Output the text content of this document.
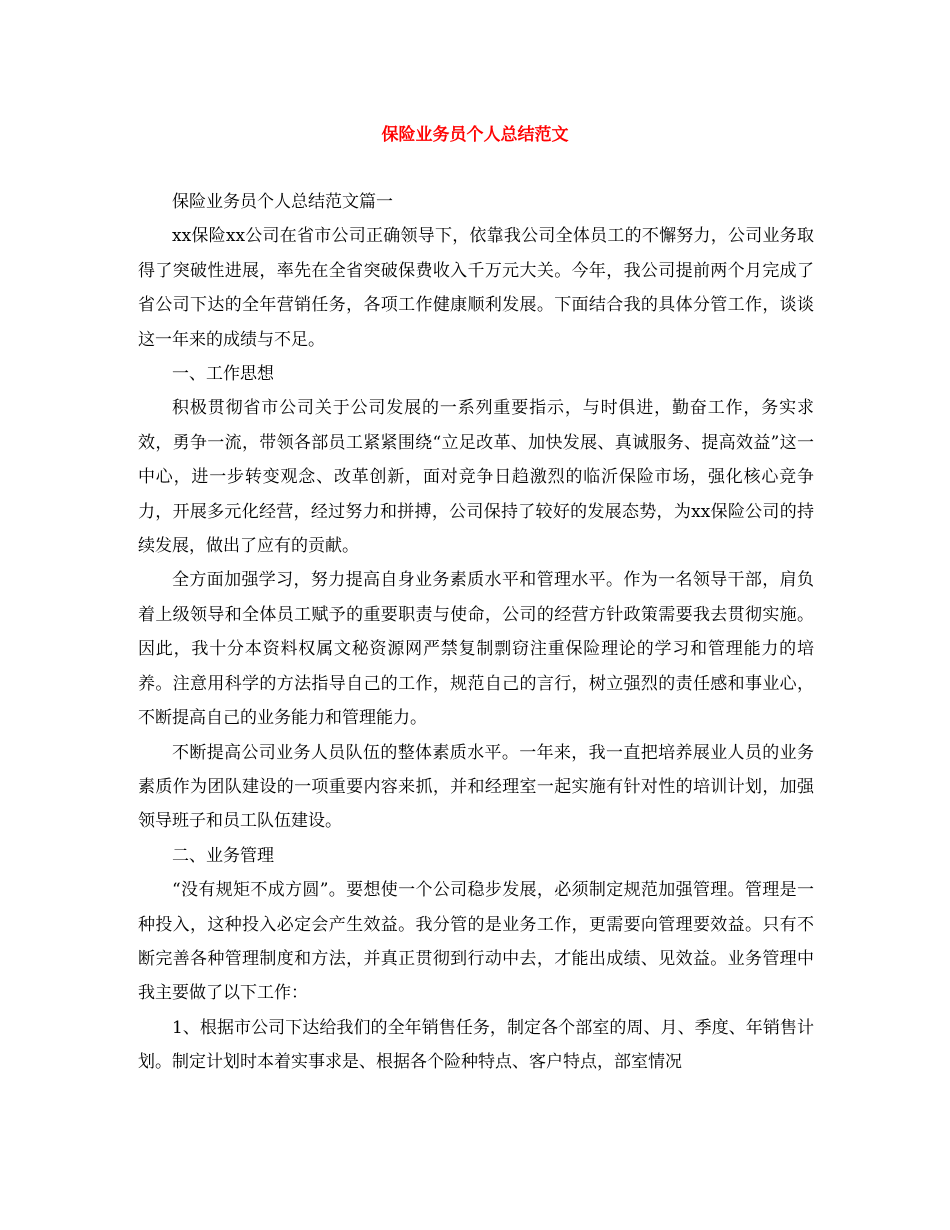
保险业务员个人总结范文

保险业务员个人总结范文篇一

xx保险xx公司在省市公司正确领导下，依靠我公司全体员工的不懈努力，公司业务取得了突破性进展，率先在全省突破保费收入千万元大关。今年，我公司提前两个月完成了省公司下达的全年营销任务，各项工作健康顺利发展。下面结合我的具体分管工作，谈谈这一年来的成绩与不足。

一、工作思想

积极贯彻省市公司关于公司发展的一系列重要指示，与时俱进，勤奋工作，务实求效，勇争一流，带领各部员工紧紧围绕“立足改革、加快发展、真诚服务、提高效益”这一中心，进一步转变观念、改革创新，面对竞争日趋激烈的临沂保险市场，强化核心竞争力，开展多元化经营，经过努力和拼搏，公司保持了较好的发展态势，为xx保险公司的持续发展，做出了应有的贡献。

全方面加强学习，努力提高自身业务素质水平和管理水平。作为一名领导干部，肩负着上级领导和全体员工赋予的重要职责与使命，公司的经营方针政策需要我去贯彻实施。因此，我十分本资料权属文秘资源网严禁复制剽窃注重保险理论的学习和管理能力的培养。注意用科学的方法指导自己的工作，规范自己的言行，树立强烈的责任感和事业心，不断提高自己的业务能力和管理能力。

不断提高公司业务人员队伍的整体素质水平。一年来，我一直把培养展业人员的业务素质作为团队建设的一项重要内容来抓，并和经理室一起实施有针对性的培训计划，加强领导班子和员工队伍建设。

二、业务管理

“没有规矩不成方圆”。要想使一个公司稳步发展，必须制定规范加强管理。管理是一种投入，这种投入必定会产生效益。我分管的是业务工作，更需要向管理要效益。只有不断完善各种管理制度和方法，并真正贯彻到行动中去，才能出成绩、见效益。业务管理中我主要做了以下工作：

1、根据市公司下达给我们的全年销售任务，制定各个部室的周、月、季度、年销售计划。制定计划时本着实事求是、根据各个险种特点、客户特点，部室情况
